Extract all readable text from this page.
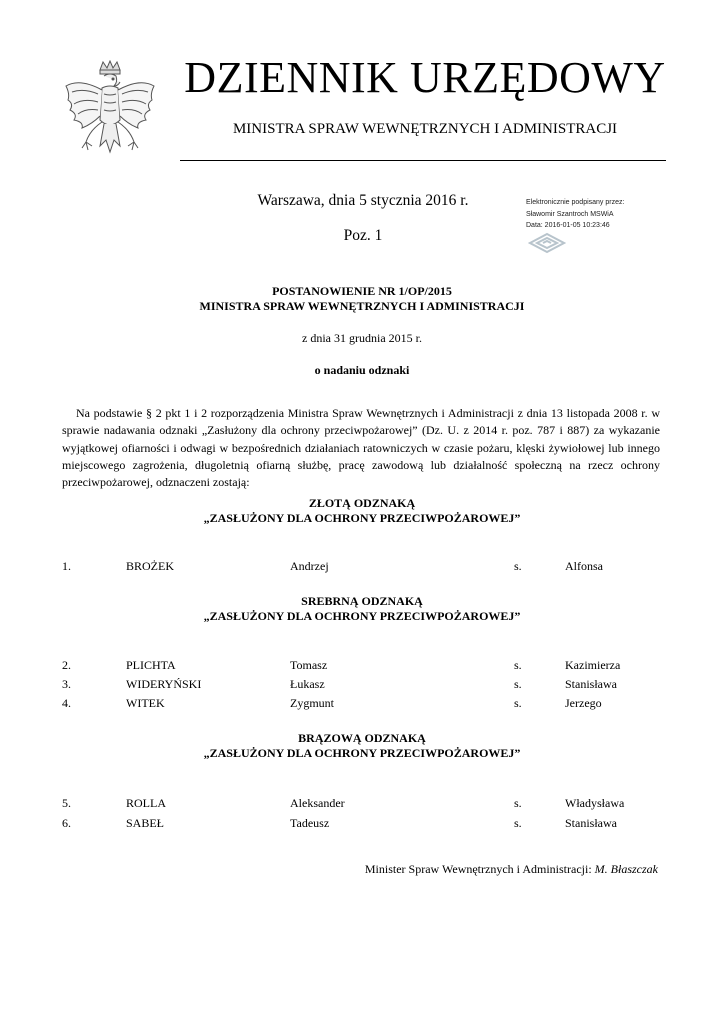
DZIENNIK URZĘDOWY
MINISTRA SPRAW WEWNĘTRZNYCH I ADMINISTRACJI
Warszawa, dnia 5 stycznia 2016 r.
Poz. 1
Elektronicznie podpisany przez:
Sławomir Szantroch MSWiA
Data: 2016-01-05 10:23:46
POSTANOWIENIE NR 1/OP/2015
MINISTRA SPRAW WEWNĘTRZNYCH I ADMINISTRACJI
z dnia 31 grudnia 2015 r.
o nadaniu odznaki

Na podstawie § 2 pkt 1 i 2 rozporządzenia Ministra Spraw Wewnętrznych i Administracji z dnia 13 listopada 2008 r. w sprawie nadawania odznaki „Zasłużony dla ochrony przeciwpożarowej” (Dz. U. z 2014 r. poz. 787 i 887) za wykazanie wyjątkowej ofiarności i odwagi w bezpośrednich działaniach ratowniczych w czasie pożaru, klęski żywiołowej lub innego miejscowego zagrożenia, długoletnią ofiarną służbę, pracę zawodową lub działalność społeczną na rzecz ochrony przeciwpożarowej, odznaczeni zostają:

ZŁOTĄ ODZNAKĄ
„ZASŁUŻONY DLA OCHRONY PRZECIWPOŻAROWEJ”
1.	BROŻEK	Andrzej	s.	Alfonsa
SREBRNĄ ODZNAKĄ
„ZASŁUŻONY DLA OCHRONY PRZECIWPOŻAROWEJ”
2.	PLICHTA	Tomasz	s.	Kazimierza
3.	WIDERYŃSKI	Łukasz	s.	Stanisława
4.	WITEK	Zygmunt	s.	Jerzego
BRĄZOWĄ ODZNAKĄ
„ZASŁUŻONY DLA OCHRONY PRZECIWPOŻAROWEJ”
5.	ROLLA	Aleksander	s.	Władysława
6.	SABEŁ	Tadeusz	s.	Stanisława
Minister Spraw Wewnętrznych i Administracji: M. Błaszczak
